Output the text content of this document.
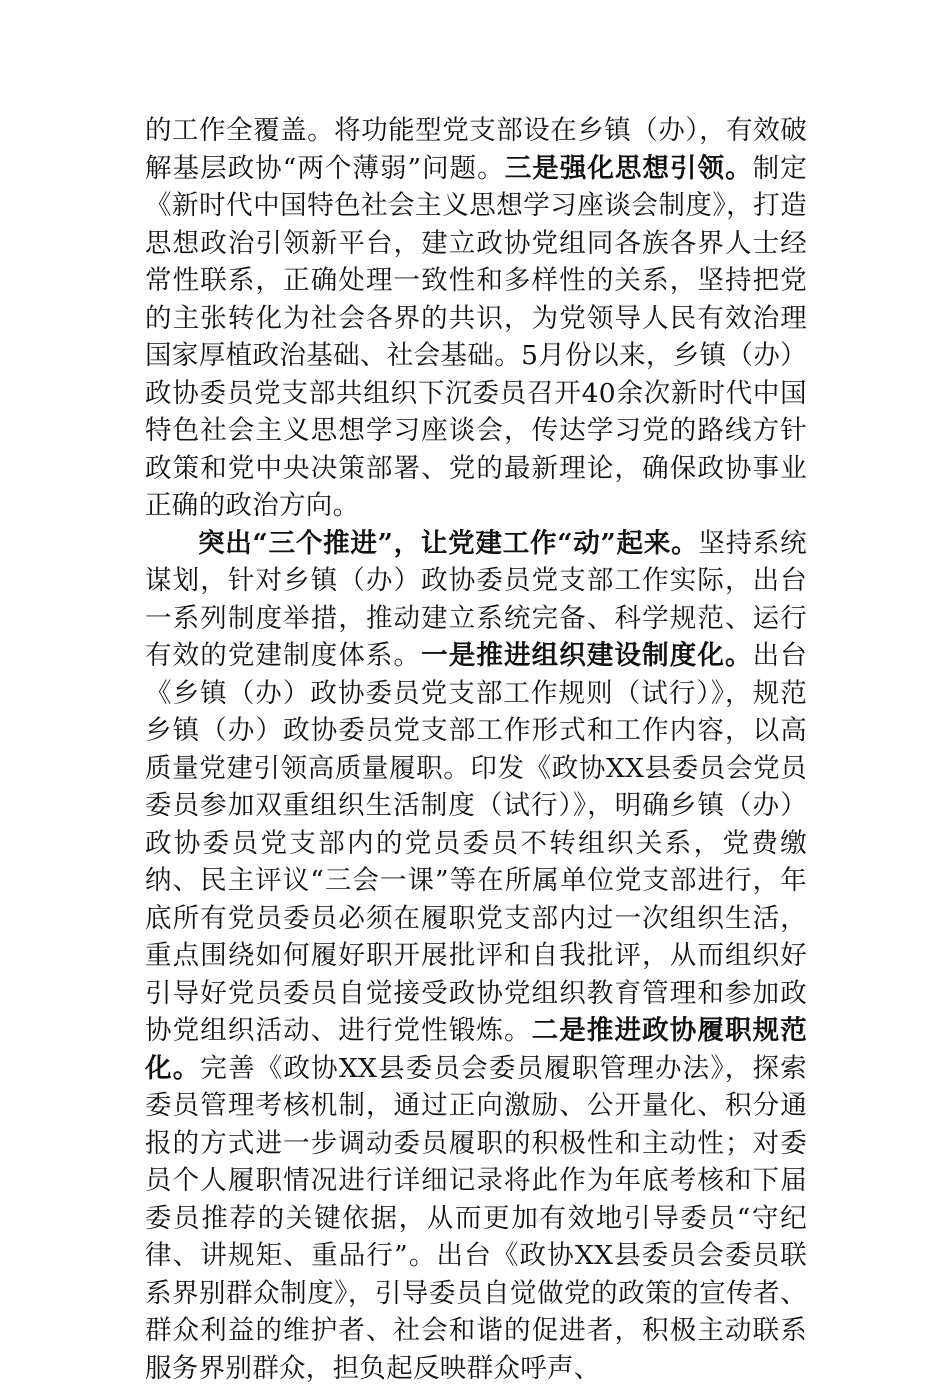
的工作全覆盖。将功能型党支部设在乡镇（办），有效破解基层政协“两个薄弱”问题。三是强化思想引领。制定《新时代中国特色社会主义思想学习座谈会制度》，打造思想政治引领新平台，建立政协党组同各族各界人士经常性联系，正确处理一致性和多样性的关系，坚持把党的主张转化为社会各界的共识，为党领导人民有效治理国家厚植政治基础、社会基础。5月份以来，乡镇（办）政协委员党支部共组织下沉委员召开40余次新时代中国特色社会主义思想学习座谈会，传达学习党的路线方针政策和党中央决策部署、党的最新理论，确保政协事业正确的政治方向。

突出“三个推进”，让党建工作“动”起来。坚持系统谋划，针对乡镇（办）政协委员党支部工作实际，出台一系列制度举措，推动建立系统完备、科学规范、运行有效的党建制度体系。一是推进组织建设制度化。出台《乡镇（办）政协委员党支部工作规则（试行）》，规范乡镇（办）政协委员党支部工作形式和工作内容，以高质量党建引领高质量履职。印发《政协XX县委员会党员委员参加双重组织生活制度（试行）》，明确乡镇（办）政协委员党支部内的党员委员不转组织关系，党费缴纳、民主评议“三会一课”等在所属单位党支部进行，年底所有党员委员必须在履职党支部内过一次组织生活，重点围绕如何履好职开展批评和自我批评，从而组织好引导好党员委员自觉接受政协党组织教育管理和参加政协党组织活动、进行党性锻炼。二是推进政协履职规范化。完善《政协XX县委员会委员履职管理办法》，探索委员管理考核机制，通过正向激励、公开量化、积分通报的方式进一步调动委员履职的积极性和主动性；对委员个人履职情况进行详细记录将此作为年底考核和下届委员推荐的关键依据，从而更加有效地引导委员“守纪律、讲规矩、重品行”。出台《政协XX县委员会委员联系界别群众制度》，引导委员自觉做党的政策的宣传者、群众利益的维护者、社会和谐的促进者，积极主动联系服务界别群众，担负起反映群众呼声、
